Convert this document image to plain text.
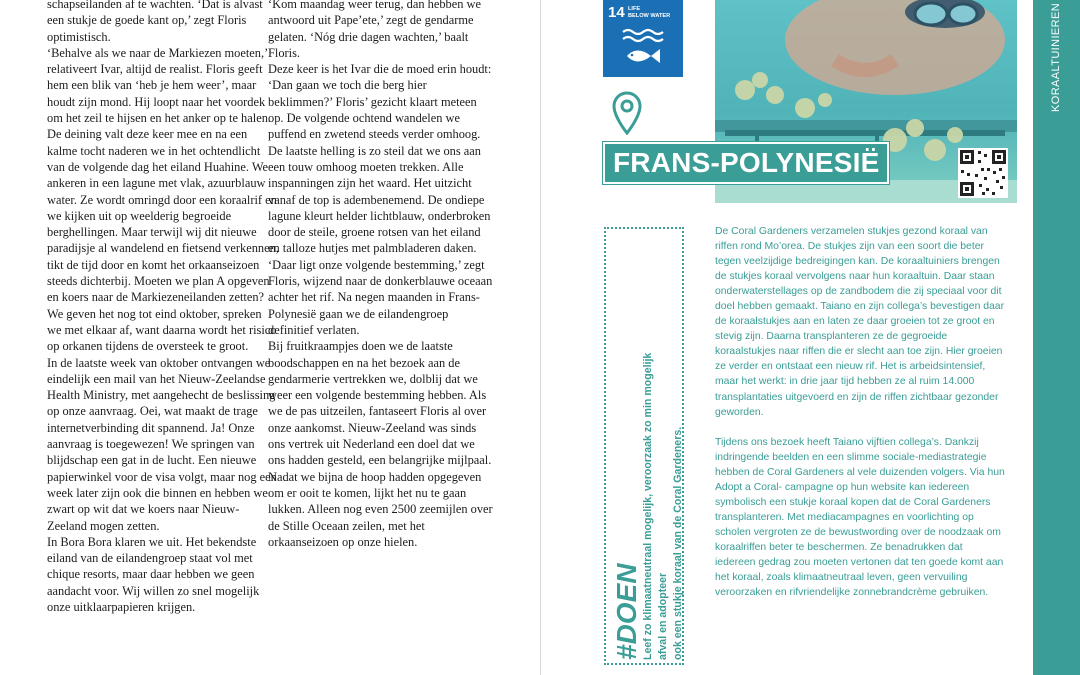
schapseilanden af te wachten. ‘Dat is alvast een stukje de goede kant op,’ zegt Floris optimistisch.

‘Behalve als we naar de Markiezen moeten,’ relativeert Ivar, altijd de realist. Floris geeft hem een blik van ‘heb je hem weer’, maar houdt zijn mond. Hij loopt naar het voordek om het zeil te hijsen en het anker op te halen. De deining valt deze keer mee en na een kalme tocht naderen we in het ochtendlicht van de volgende dag het eiland Huahine. We ankeren in een lagune met vlak, azuurblauw water. Ze wordt omringd door een koraalrif en we kijken uit op weelderig begroeide berghellingen. Maar terwijl wij dit nieuwe paradijsje al wandelend en fietsend verkennen, tikt de tijd door en komt het orkaanseizoen steeds dichterbij. Moeten we plan A opgeven en koers naar de Markiezeneilanden zetten? We geven het nog tot eind oktober, spreken we met elkaar af, want daarna wordt het risico op orkanen tijdens de oversteek te groot.

In de laatste week van oktober ontvangen we eindelijk een mail van het Nieuw-Zeelandse Health Ministry, met aangehecht de beslissing op onze aanvraag. Oei, wat maakt de trage internetverbinding dit spannend. Ja! Onze aanvraag is toegewezen! We springen van blijdschap een gat in de lucht. Een nieuwe papierwinkel voor de visa volgt, maar nog een week later zijn ook die binnen en hebben we zwart op wit dat we koers naar Nieuw-Zeeland mogen zetten.

In Bora Bora klaren we uit. Het bekendste eiland van de eilandengroep staat vol met chique resorts, maar daar hebben we geen aandacht voor. Wij willen zo snel mogelijk onze uitklaarpapieren krijgen.

‘Kom maandag weer terug, dan hebben we antwoord uit Pape’ete,’ zegt de gendarme gelaten. ‘Nóg drie dagen wachten,’ baalt Floris.

Deze keer is het Ivar die de moed erin houdt: ‘Dan gaan we toch die berg hier beklimmen?’ Floris’ gezicht klaart meteen op. De volgende ochtend wandelen we puffend en zwetend steeds verder omhoog. De laatste helling is zo steil dat we ons aan een touw omhoog moeten trekken. Alle inspanningen zijn het waard. Het uitzicht vanaf de top is adembenemend. De ondiepe lagune kleurt helder lichtblauw, onderbroken door de steile, groene rotsen van het eiland en talloze hutjes met palmbladeren daken.

‘Daar ligt onze volgende bestemming,’ zegt Floris, wijzend naar de donkerblauwe oceaan achter het rif. Na negen maanden in Frans-Polynesië gaan we de eilandengroep definitief verlaten.

Bij fruitkraampjes doen we de laatste boodschappen en na het bezoek aan de gendarmerie vertrekken we, dolblij dat we weer een volgende bestemming hebben. Als we de pas uitzeilen, fantaseert Floris al over onze aankomst. Nieuw-Zeeland was sinds ons vertrek uit Nederland een doel dat we ons hadden gesteld, een belangrijke mijlpaal. Nadat we bijna de hoop hadden opgegeven om er ooit te komen, lijkt het nu te gaan lukken. Alleen nog even 2500 zeemijlen over de Stille Oceaan zeilen, met het orkaanseizoen op onze hielen.

14 LIFE
BELOW WATER
FRANS-POLYNESIË
#DOEN Leef zo klimaatneutraal mogelijk, veroorzaak zo min mogelijk afval en adopteer ook een stukje koraal van de Coral Gardeners.

De Coral Gardeners verzamelen stukjes gezond koraal van riffen rond Mo’orea. De stukjes zijn van een soort die beter tegen veelzijdige bedreigingen kan. De koraaltuiniers brengen de stukjes koraal vervolgens naar hun koraaltuin. Daar staan onderwaterstellages op de zandbodem die zij speciaal voor dit doel hebben gemaakt. Taiano en zijn collega’s bevestigen daar de koraalstukjes aan en laten ze daar groeien tot ze groot en stevig zijn. Daarna transplanteren ze de gegroeide koraalstukjes naar riffen die er slecht aan toe zijn. Hier groeien ze verder en ontstaat een nieuw rif. Het is arbeidsintensief, maar het werkt: in drie jaar tijd hebben ze al ruim 14.000 transplantaties uitgevoerd en zijn de riffen zichtbaar gezonder geworden.

Tijdens ons bezoek heeft Taiano vijftien collega’s. Dankzij indringende beelden en een slimme sociale-mediastrategie hebben de Coral Gardeners al vele duizenden volgers. Via hun Adopt a Coral- campagne op hun website kan iedereen symbolisch een stukje koraal kopen dat de Coral Gardeners transplanteren. Met mediacampagnes en voorlichting op scholen vergroten ze de bewustwording over de noodzaak om koraalriffen beter te beschermen. Ze benadrukken dat iedereen gedrag zou moeten vertonen dat ten goede komt aan het koraal, zoals klimaatneutraal leven, geen vervuiling veroorzaken en rifvriendelijke zonnebrandcrème gebruiken.

KORAALTUINIEREN
